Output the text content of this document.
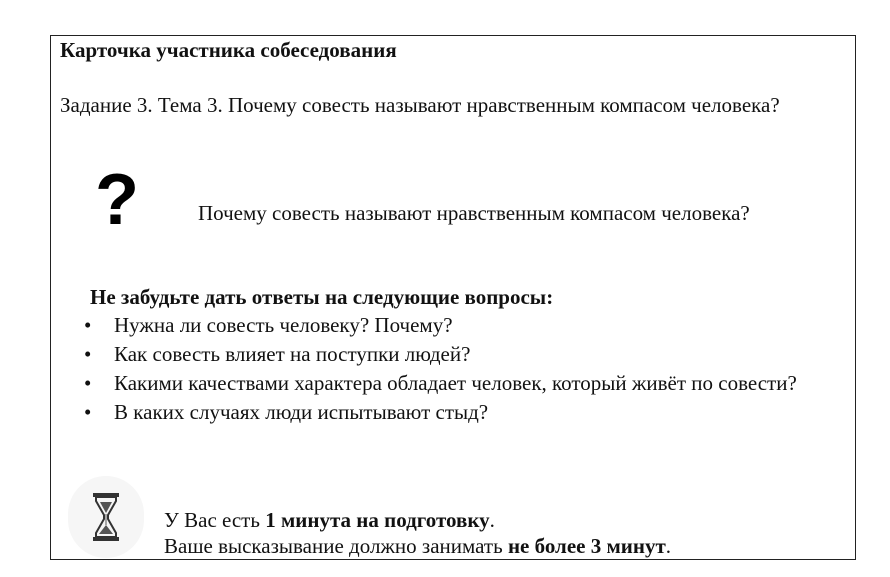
Карточка участника собеседования
Задание 3. Тема 3. Почему совесть называют нравственным компасом человека?
?	Почему совесть называют нравственным компасом человека?
Не забудьте дать ответы на следующие вопросы:
• Нужна ли совесть человеку? Почему?
• Как совесть влияет на поступки людей?
• Какими качествами характера обладает человек, который живёт по совести?
• В каких случаях люди испытывают стыд?
У Вас есть 1 минута на подготовку.
Ваше высказывание должно занимать не более 3 минут.
